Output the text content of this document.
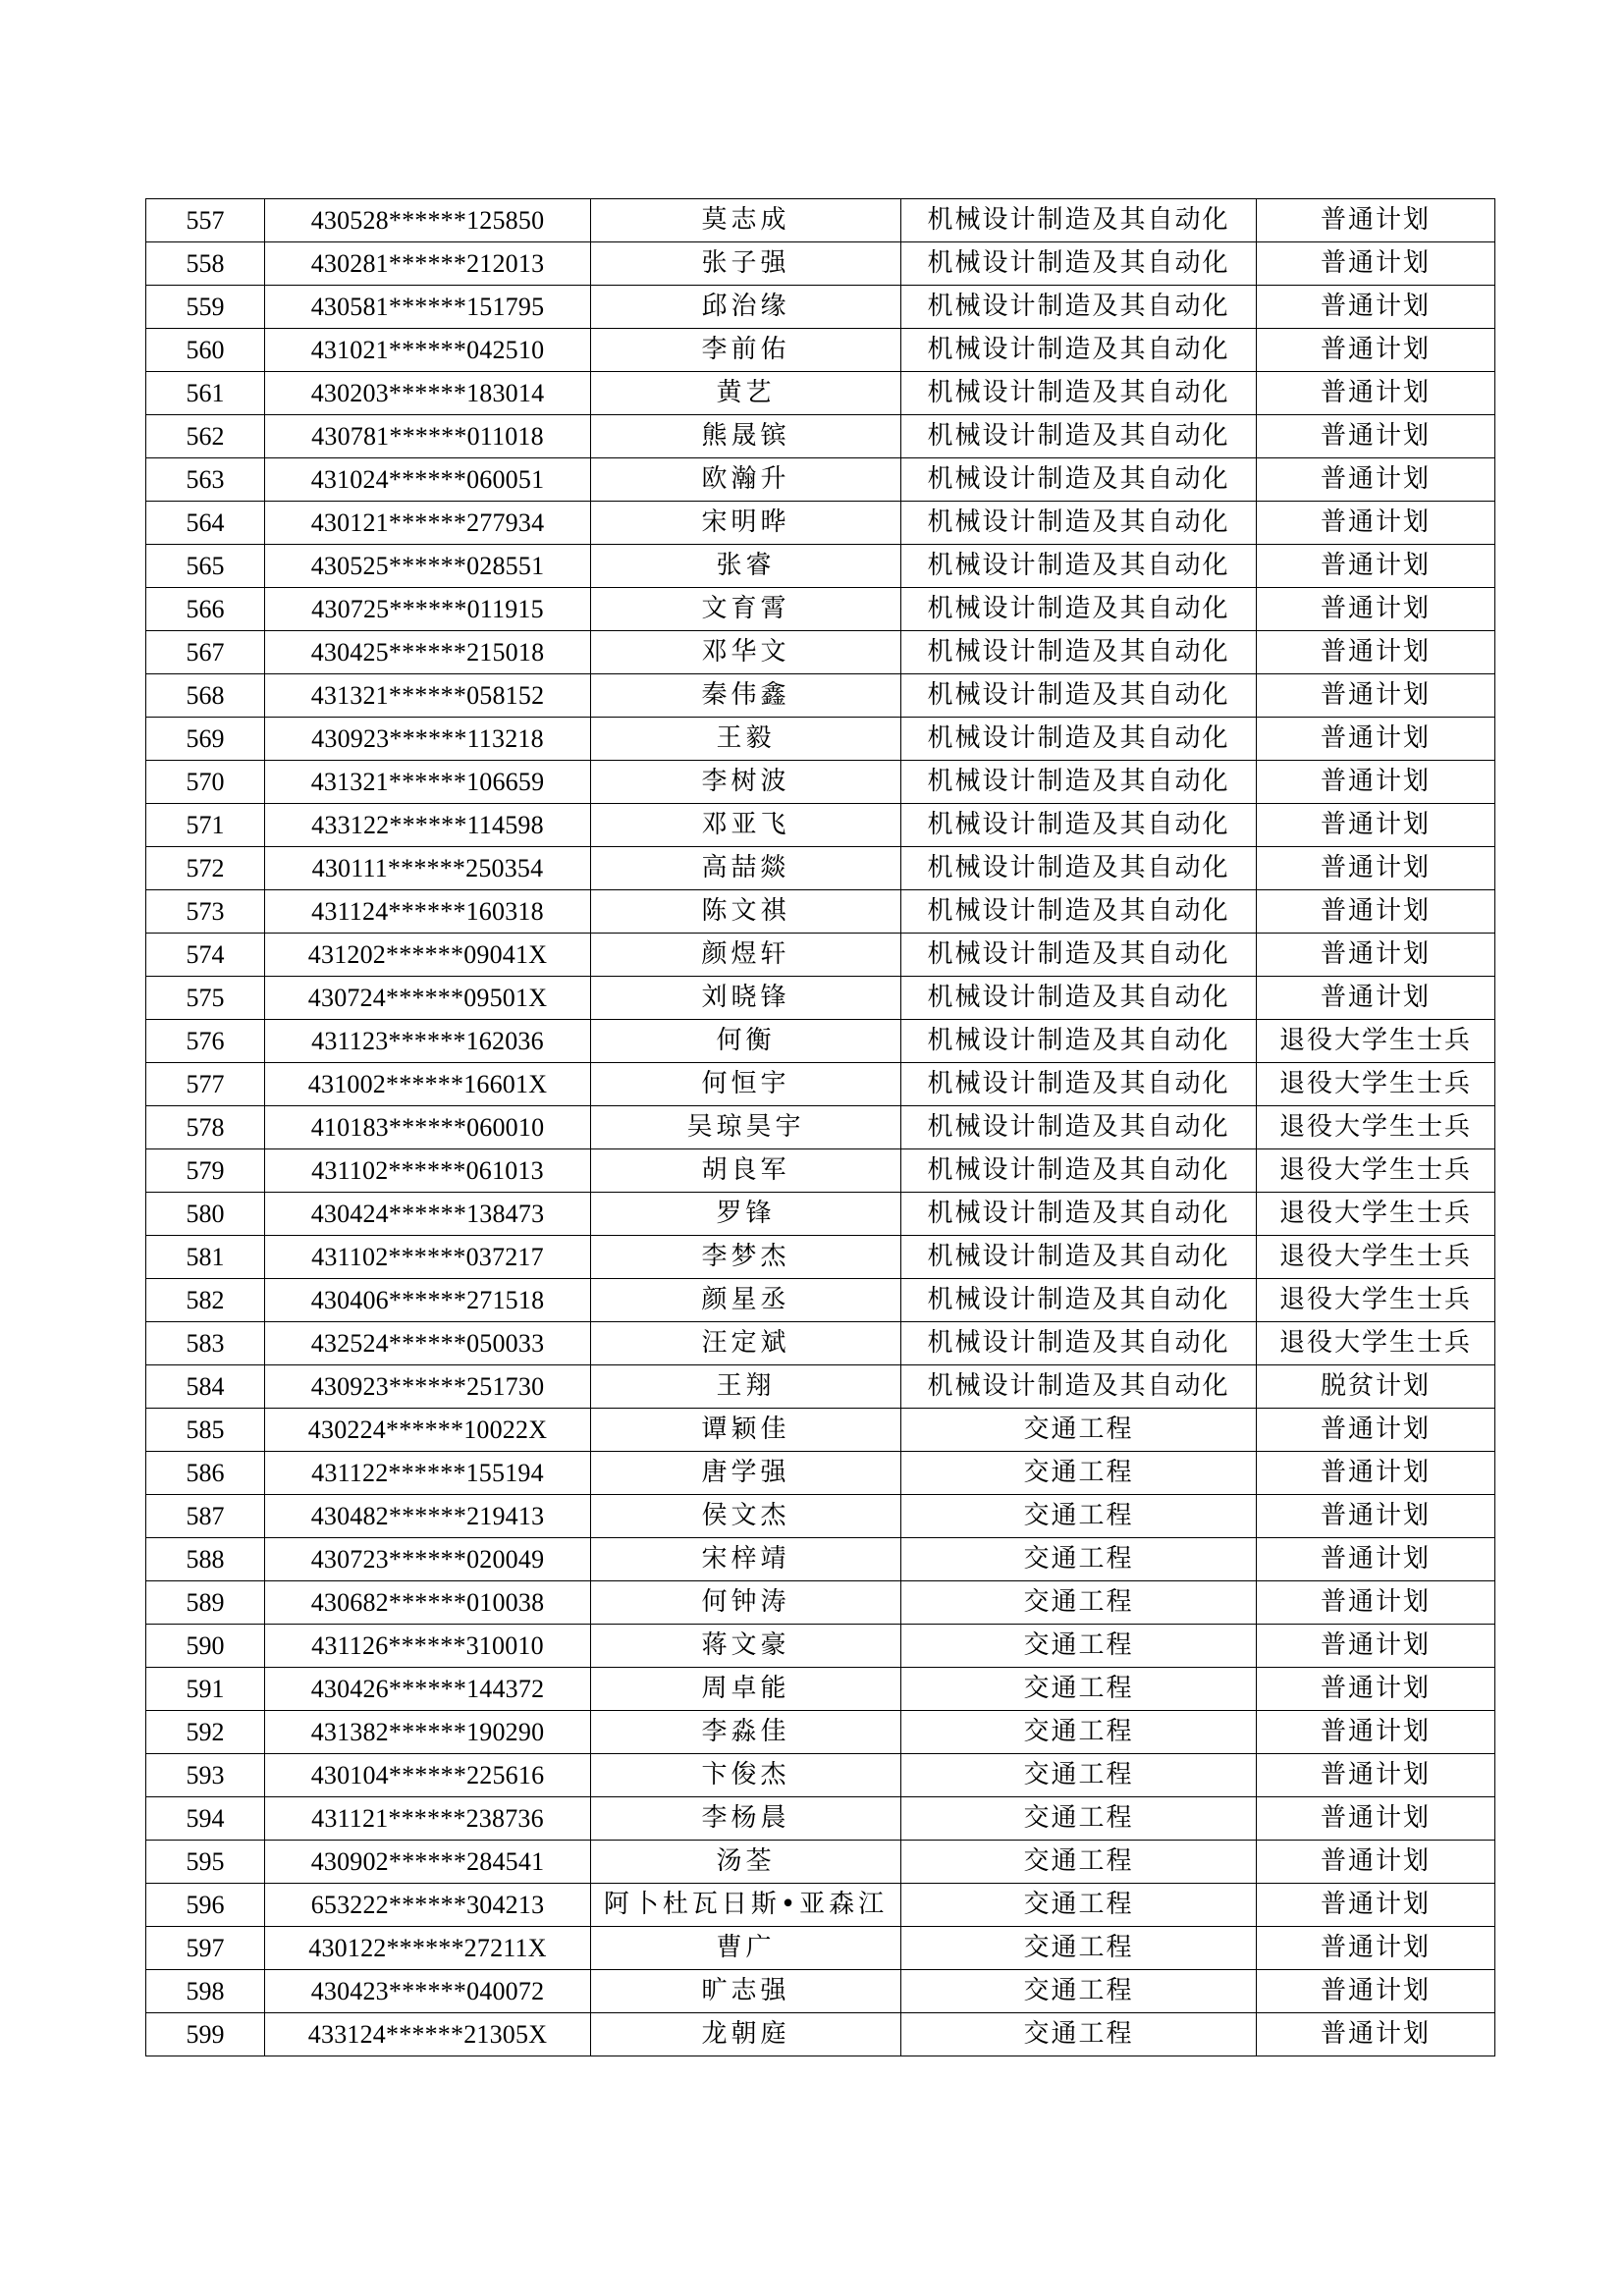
557	430528******125850	莫志成	机械设计制造及其自动化	普通计划
558	430281******212013	张子强	机械设计制造及其自动化	普通计划
559	430581******151795	邱治缘	机械设计制造及其自动化	普通计划
560	431021******042510	李前佑	机械设计制造及其自动化	普通计划
561	430203******183014	黄艺	机械设计制造及其自动化	普通计划
562	430781******011018	熊晟镔	机械设计制造及其自动化	普通计划
563	431024******060051	欧瀚升	机械设计制造及其自动化	普通计划
564	430121******277934	宋明晔	机械设计制造及其自动化	普通计划
565	430525******028551	张睿	机械设计制造及其自动化	普通计划
566	430725******011915	文育霄	机械设计制造及其自动化	普通计划
567	430425******215018	邓华文	机械设计制造及其自动化	普通计划
568	431321******058152	秦伟鑫	机械设计制造及其自动化	普通计划
569	430923******113218	王毅	机械设计制造及其自动化	普通计划
570	431321******106659	李树波	机械设计制造及其自动化	普通计划
571	433122******114598	邓亚飞	机械设计制造及其自动化	普通计划
572	430111******250354	高喆燚	机械设计制造及其自动化	普通计划
573	431124******160318	陈文祺	机械设计制造及其自动化	普通计划
574	431202******09041X	颜煜轩	机械设计制造及其自动化	普通计划
575	430724******09501X	刘晓锋	机械设计制造及其自动化	普通计划
576	431123******162036	何衡	机械设计制造及其自动化	退役大学生士兵
577	431002******16601X	何恒宇	机械设计制造及其自动化	退役大学生士兵
578	410183******060010	吴琼昊宇	机械设计制造及其自动化	退役大学生士兵
579	431102******061013	胡良军	机械设计制造及其自动化	退役大学生士兵
580	430424******138473	罗锋	机械设计制造及其自动化	退役大学生士兵
581	431102******037217	李梦杰	机械设计制造及其自动化	退役大学生士兵
582	430406******271518	颜星丞	机械设计制造及其自动化	退役大学生士兵
583	432524******050033	汪定斌	机械设计制造及其自动化	退役大学生士兵
584	430923******251730	王翔	机械设计制造及其自动化	脱贫计划
585	430224******10022X	谭颖佳	交通工程	普通计划
586	431122******155194	唐学强	交通工程	普通计划
587	430482******219413	侯文杰	交通工程	普通计划
588	430723******020049	宋梓靖	交通工程	普通计划
589	430682******010038	何钟涛	交通工程	普通计划
590	431126******310010	蒋文豪	交通工程	普通计划
591	430426******144372	周卓能	交通工程	普通计划
592	431382******190290	李淼佳	交通工程	普通计划
593	430104******225616	卞俊杰	交通工程	普通计划
594	431121******238736	李杨晨	交通工程	普通计划
595	430902******284541	汤荃	交通工程	普通计划
596	653222******304213	阿卜杜瓦日斯•亚森江	交通工程	普通计划
597	430122******27211X	曹广	交通工程	普通计划
598	430423******040072	旷志强	交通工程	普通计划
599	433124******21305X	龙朝庭	交通工程	普通计划
